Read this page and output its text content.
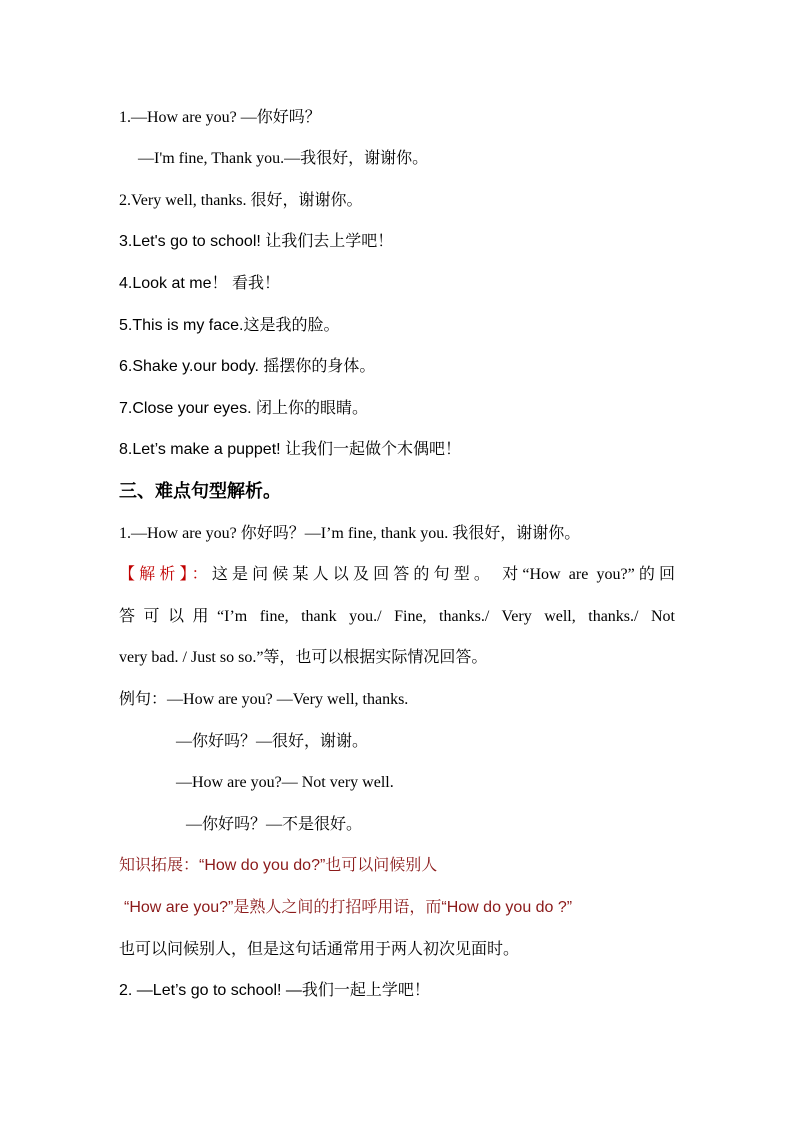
1.—How are you? —你好吗？
—I'm fine, Thank you.—我很好，谢谢你。
2.Very well, thanks. 很好，谢谢你。
3.Let's go to school! 让我们去上学吧！
4.Look at me！ 看我！
5.This is my face.这是我的脸。
6.Shake y.our body. 摇摆你的身体。
7.Close your eyes. 闭上你的眼睛。
8.Let’s make a puppet! 让我们一起做个木偶吧！
三、难点句型解析。
1.—How are you? 你好吗？—I’m fine, thank you. 我很好，谢谢你。
【解析】：这是问候某人以及回答的句型。 对“How are you?”的回
答可以用“I’m fine, thank you./ Fine, thanks./ Very well, thanks./ Not
very bad. / Just so so.”等，也可以根据实际情况回答。
例句：—How are you? —Very well, thanks.
—你好吗？—很好，谢谢。
—How are you?— Not very well.
—你好吗？—不是很好。
知识拓展：“How do you do?”也可以问候别人
“How are you?”是熟人之间的打招呼用语，而“How do you do ?”
也可以问候别人，但是这句话通常用于两人初次见面时。
2. —Let’s go to school! —我们一起上学吧！
